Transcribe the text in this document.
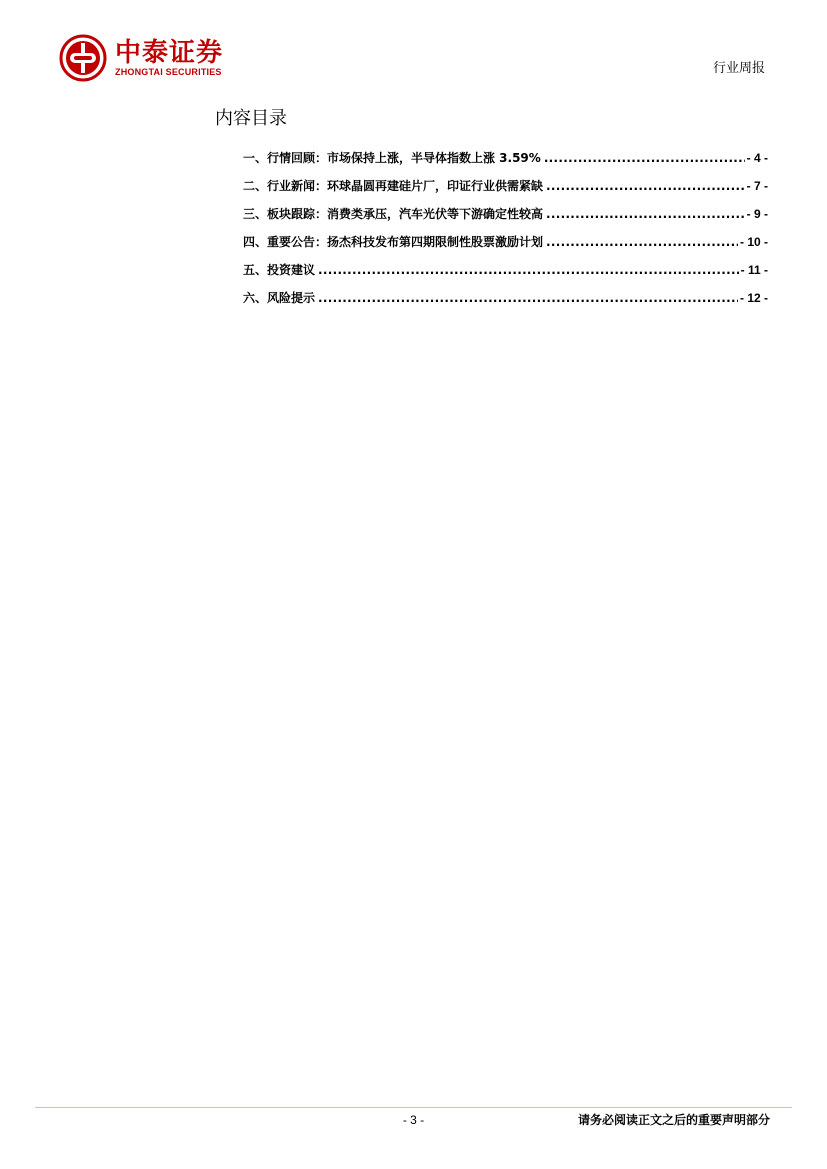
中泰证券
ZHONGTAI SECURITIES	行业周报
内容目录
一、行情回顾：市场保持上涨，半导体指数上涨 3.59% .....	- 4 -
二、行业新闻：环球晶圆再建硅片厂，印证行业供需紧缺 .....	- 7 -
三、板块跟踪：消费类承压，汽车光伏等下游确定性较高 .....	- 9 -
四、重要公告：扬杰科技发布第四期限制性股票激励计划 .....	- 10 -
五、投资建议 .....	- 11 -
六、风险提示 .....	- 12 -
- 3 -	请务必阅读正文之后的重要声明部分
